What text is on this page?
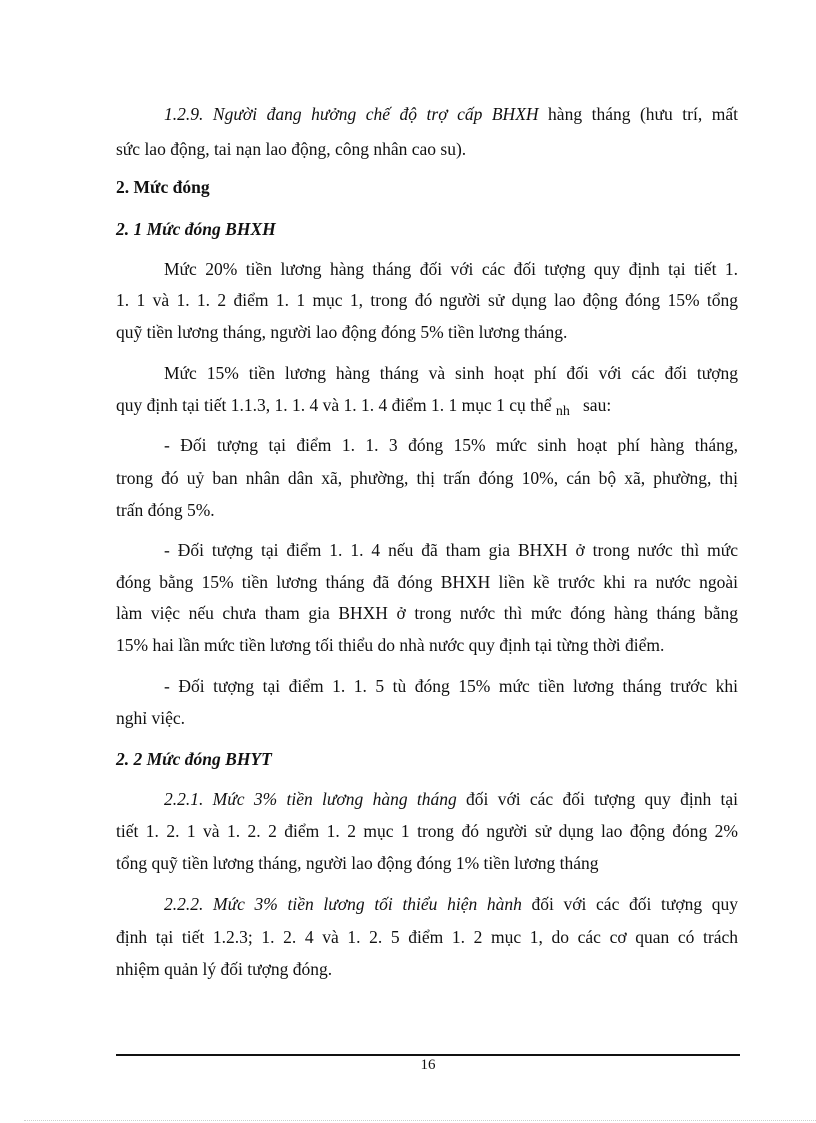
1.2.9. Người đang hưởng chế độ trợ cấp BHXH hàng tháng (hưu trí, mất
sức lao động, tai nạn lao động, công nhân cao su).
2. Mức đóng
2. 1 Mức đóng BHXH
Mức 20% tiền lương hàng tháng đối với các đối tượng quy định tại tiết 1.
1. 1 và 1. 1. 2 điểm 1. 1 mục 1, trong đó người sử dụng lao động đóng 15% tổng
quỹ tiền lương tháng, người lao động đóng 5% tiền lương tháng.
Mức 15% tiền lương hàng tháng và sinh hoạt phí đối với các đối tượng
quy định tại tiết 1.1.3, 1. 1. 4 và 1. 1. 4 điểm 1. 1 mục 1 cụ thể $_{nh}$ sau:
- Đối tượng tại điểm 1. 1. 3 đóng 15% mức sinh hoạt phí hàng tháng,
trong đó uỷ ban nhân dân xã, phường, thị trấn đóng 10%, cán bộ xã, phường, thị
trấn đóng 5%.
- Đối tượng tại điểm 1. 1. 4 nếu đã tham gia BHXH ở trong nước thì mức
đóng bằng 15% tiền lương tháng đã đóng BHXH liền kề trước khi ra nước ngoài
làm việc nếu chưa tham gia BHXH ở trong nước thì mức đóng hàng tháng bằng
15% hai lần mức tiền lương tối thiểu do nhà nước quy định tại từng thời điểm.
- Đối tượng tại điểm 1. 1. 5 tù đóng 15% mức tiền lương tháng trước khi
nghỉ việc.
2. 2 Mức đóng BHYT
2.2.1. Mức 3% tiền lương hàng tháng đối với các đối tượng quy định tại
tiết 1. 2. 1 và 1. 2. 2 điểm 1. 2 mục 1 trong đó người sử dụng lao động đóng 2%
tổng quỹ tiền lương tháng, người lao động đóng 1% tiền lương tháng
2.2.2. Mức 3% tiền lương tối thiểu hiện hành đối với các đối tượng quy
định tại tiết 1.2.3; 1. 2. 4 và 1. 2. 5 điểm 1. 2 mục 1, do các cơ quan có trách
nhiệm quản lý đối tượng đóng.
16
